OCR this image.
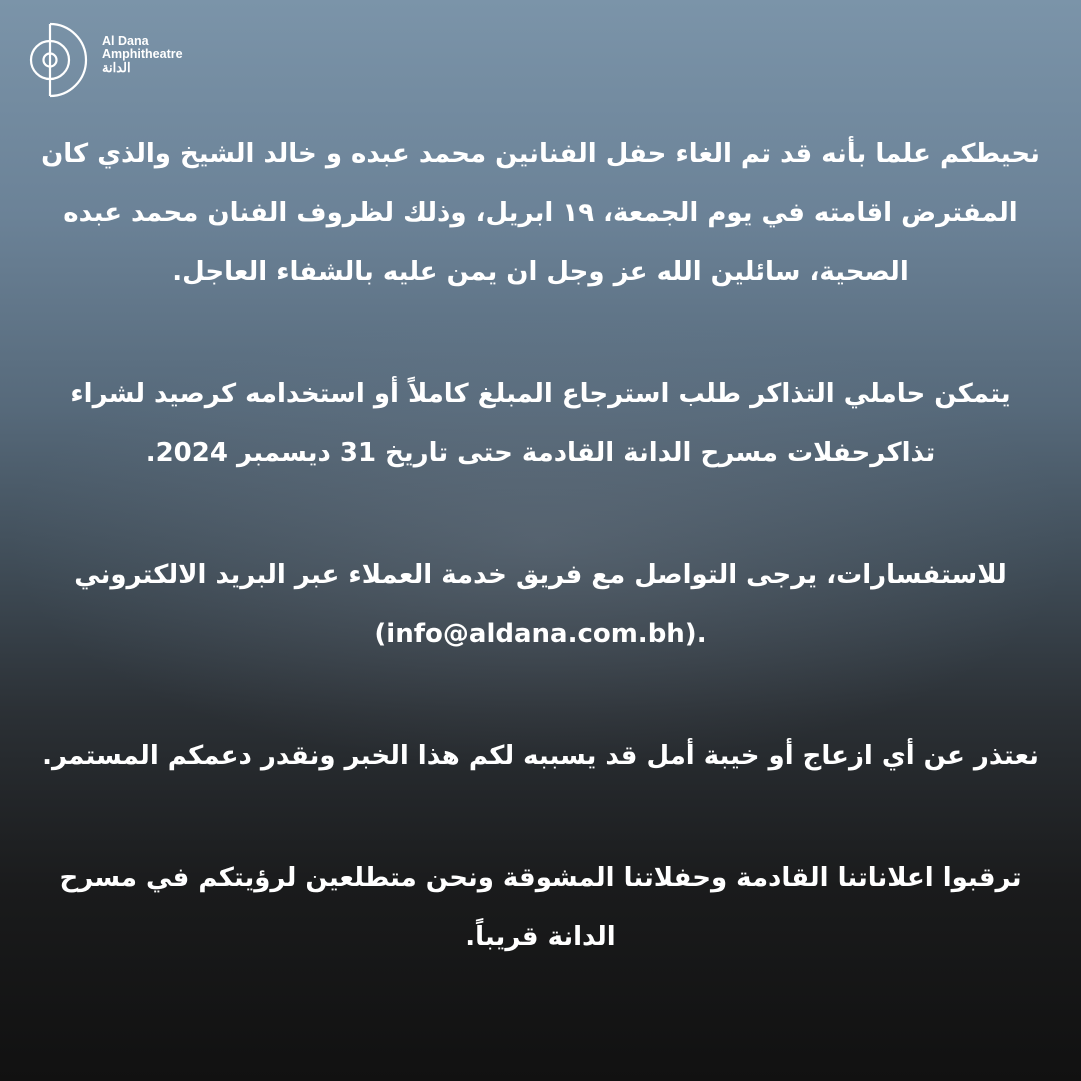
Al Dana
Amphitheatre
الدانة

نحيطكم علما بأنه قد تم الغاء حفل الفنانين محمد عبده و خالد الشيخ والذي كان المفترض اقامته في يوم الجمعة، ١٩ ابريل، وذلك لظروف الفنان محمد عبده الصحية، سائلين الله عز وجل ان يمن عليه بالشفاء العاجل.

يتمكن حاملي التذاكر طلب استرجاع المبلغ كاملاً أو استخدامه كرصيد لشراء تذاكرحفلات مسرح الدانة القادمة حتى تاريخ 31 ديسمبر 2024.

للاستفسارات، يرجى التواصل مع فريق خدمة العملاء عبر البريد الالكتروني
(info@aldana.com.bh).

نعتذر عن أي ازعاج أو خيبة أمل قد يسببه لكم هذا الخبر ونقدر دعمكم المستمر.

ترقبوا اعلاناتنا القادمة وحفلاتنا المشوقة ونحن متطلعين لرؤيتكم في مسرح الدانة قريباً.
